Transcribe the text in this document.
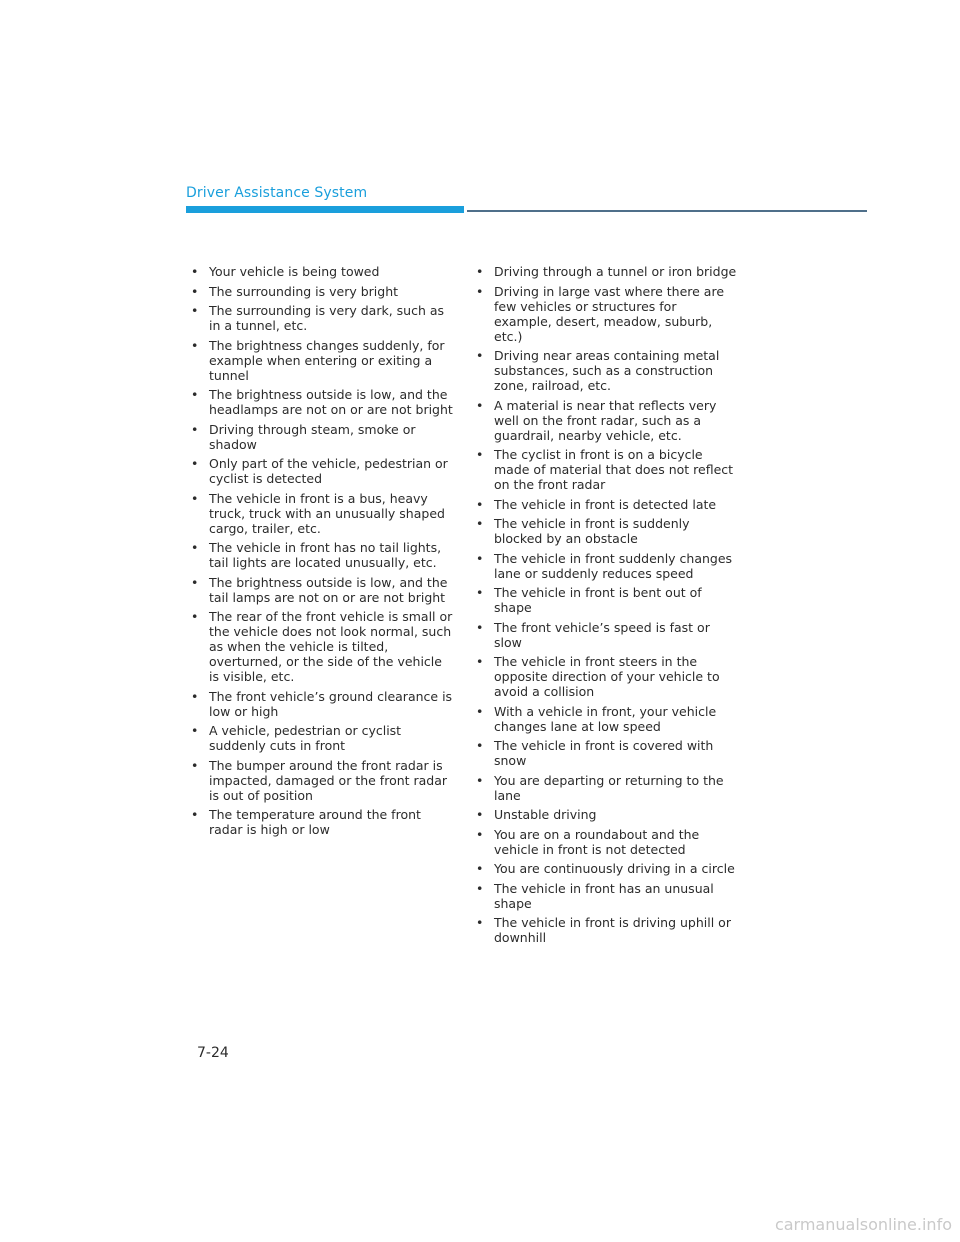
Driver Assistance System
• Your vehicle is being towed
• The surrounding is very bright
• The surrounding is very dark, such as in a tunnel, etc.
• The brightness changes suddenly, for example when entering or exiting a tunnel
• The brightness outside is low, and the headlamps are not on or are not bright
• Driving through steam, smoke or shadow
• Only part of the vehicle, pedestrian or cyclist is detected
• The vehicle in front is a bus, heavy truck, truck with an unusually shaped cargo, trailer, etc.
• The vehicle in front has no tail lights, tail lights are located unusually, etc.
• The brightness outside is low, and the tail lamps are not on or are not bright
• The rear of the front vehicle is small or the vehicle does not look normal, such as when the vehicle is tilted, overturned, or the side of the vehicle is visible, etc.
• The front vehicle’s ground clearance is low or high
• A vehicle, pedestrian or cyclist suddenly cuts in front
• The bumper around the front radar is impacted, damaged or the front radar is out of position
• The temperature around the front radar is high or low
• Driving through a tunnel or iron bridge
• Driving in large vast where there are few vehicles or structures for example, desert, meadow, suburb, etc.)
• Driving near areas containing metal substances, such as a construction zone, railroad, etc.
• A material is near that reflects very well on the front radar, such as a guardrail, nearby vehicle, etc.
• The cyclist in front is on a bicycle made of material that does not reflect on the front radar
• The vehicle in front is detected late
• The vehicle in front is suddenly blocked by an obstacle
• The vehicle in front suddenly changes lane or suddenly reduces speed
• The vehicle in front is bent out of shape
• The front vehicle’s speed is fast or slow
• The vehicle in front steers in the opposite direction of your vehicle to avoid a collision
• With a vehicle in front, your vehicle changes lane at low speed
• The vehicle in front is covered with snow
• You are departing or returning to the lane
• Unstable driving
• You are on a roundabout and the vehicle in front is not detected
• You are continuously driving in a circle
• The vehicle in front has an unusual shape
• The vehicle in front is driving uphill or downhill
7-24
carmanualsonline.info
